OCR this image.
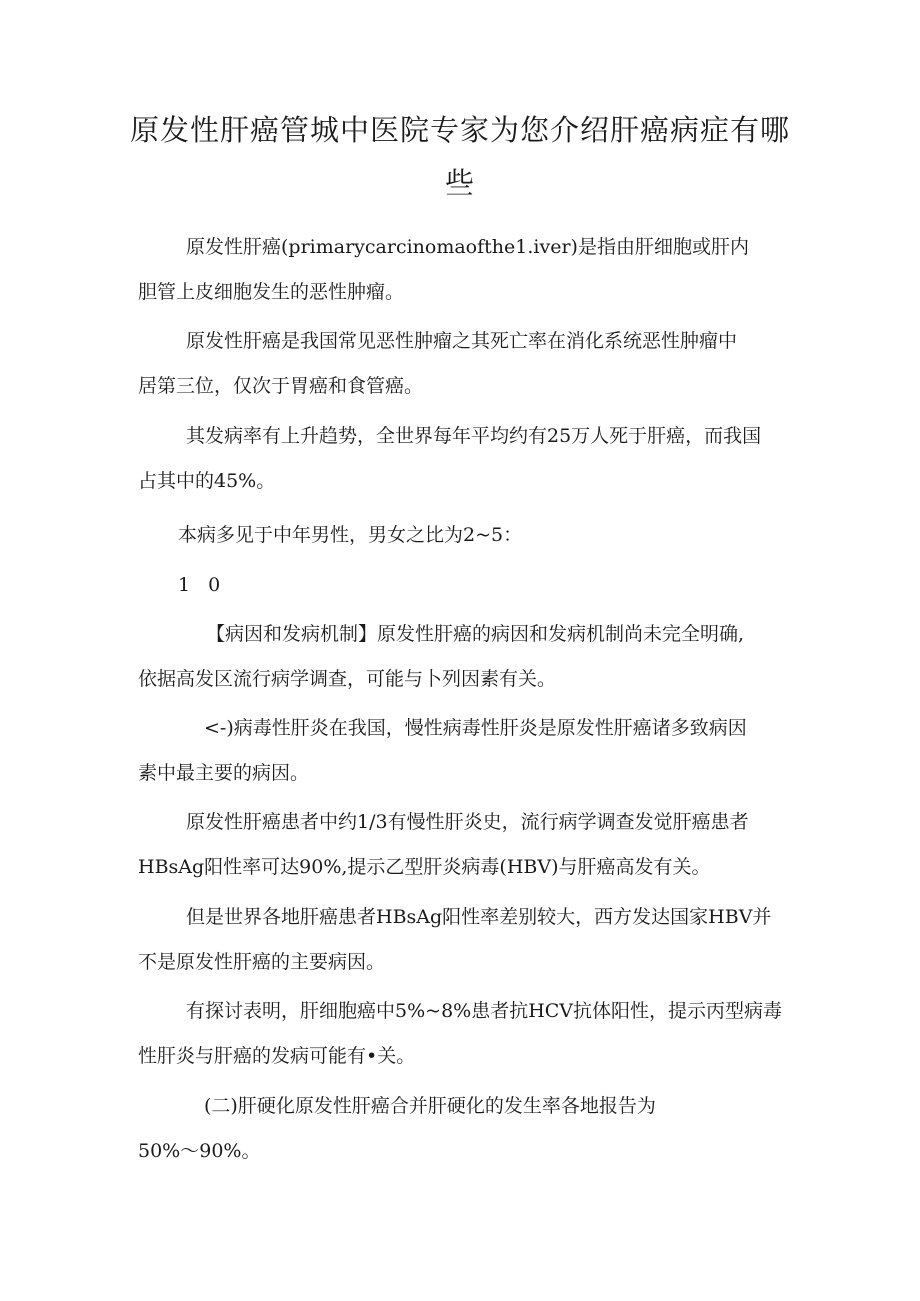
原发性肝癌管城中医院专家为您介绍肝癌病症有哪些

原发性肝癌(primarycarcinomaofthe1.iver)是指由肝细胞或肝内
胆管上皮细胞发生的恶性肿瘤。

原发性肝癌是我国常见恶性肿瘤之其死亡率在消化系统恶性肿瘤中
居第三位，仅次于胃癌和食管癌。

其发病率有上升趋势，全世界每年平均约有25万人死于肝癌，而我国
占其中的45%。

本病多见于中年男性，男女之比为2~5：

1 0

【病因和发病机制】原发性肝癌的病因和发病机制尚未完全明确,
依据高发区流行病学调查，可能与卜列因素有关。

<-)病毒性肝炎在我国，慢性病毒性肝炎是原发性肝癌诸多致病因
素中最主要的病因。

原发性肝癌患者中约1/3有慢性肝炎史，流行病学调查发觉肝癌患者
HBsAg阳性率可达90%,提示乙型肝炎病毒(HBV)与肝癌高发有关。

但是世界各地肝癌患者HBsAg阳性率差别较大，西方发达国家HBV并
不是原发性肝癌的主要病因。

有探讨表明，肝细胞癌中5%~8%患者抗HCV抗体阳性，提示丙型病毒
性肝炎与肝癌的发病可能有•关。

(二)肝硬化原发性肝癌合并肝硬化的发生率各地报告为
50%～90%。
